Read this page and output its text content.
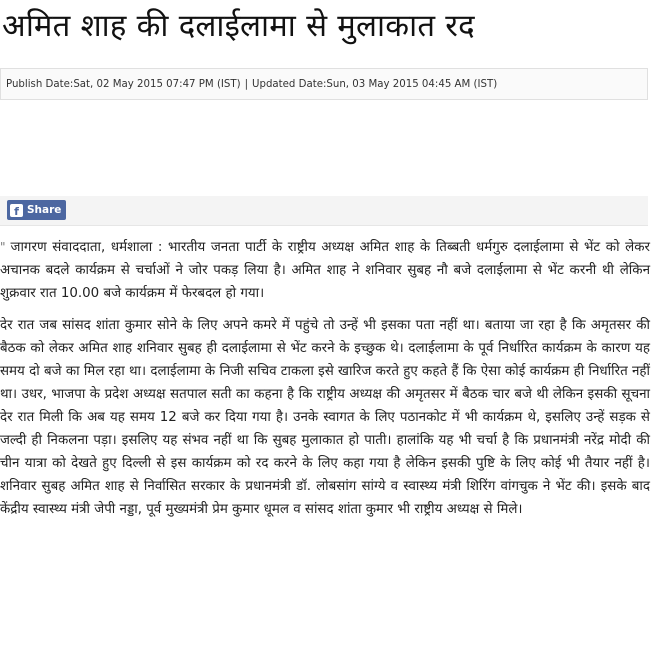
अमित शाह की दलाईलामा से मुलाकात रद
Publish Date:Sat, 02 May 2015 07:47 PM (IST) | Updated Date:Sun, 03 May 2015 04:45 AM (IST)
f Share

" जागरण संवाददाता, धर्मशाला : भारतीय जनता पार्टी के राष्ट्रीय अध्यक्ष अमित शाह के तिब्बती धर्मगुरु दलाईलामा से भेंट को लेकर अचानक बदले कार्यक्रम से चर्चाओं ने जोर पकड़ लिया है। अमित शाह ने शनिवार सुबह नौ बजे दलाईलामा से भेंट करनी थी लेकिन शुक्रवार रात 10.00 बजे कार्यक्रम में फेरबदल हो गया।

देर रात जब सांसद शांता कुमार सोने के लिए अपने कमरे में पहुंचे तो उन्हें भी इसका पता नहीं था। बताया जा रहा है कि अमृतसर की बैठक को लेकर अमित शाह शनिवार सुबह ही दलाईलामा से भेंट करने के इच्छुक थे। दलाईलामा के पूर्व निर्धारित कार्यक्रम के कारण यह समय दो बजे का मिल रहा था। दलाईलामा के निजी सचिव टाकला इसे खारिज करते हुए कहते हैं कि ऐसा कोई कार्यक्रम ही निर्धारित नहीं था। उधर, भाजपा के प्रदेश अध्यक्ष सतपाल सती का कहना है कि राष्ट्रीय अध्यक्ष की अमृतसर में बैठक चार बजे थी लेकिन इसकी सूचना देर रात मिली कि अब यह समय 12 बजे कर दिया गया है। उनके स्वागत के लिए पठानकोट में भी कार्यक्रम थे, इसलिए उन्हें सड़क से जल्दी ही निकलना पड़ा। इसलिए यह संभव नहीं था कि सुबह मुलाकात हो पाती। हालांकि यह भी चर्चा है कि प्रधानमंत्री नरेंद्र मोदी की चीन यात्रा को देखते हुए दिल्ली से इस कार्यक्रम को रद करने के लिए कहा गया है लेकिन इसकी पुष्टि के लिए कोई भी तैयार नहीं है। शनिवार सुबह अमित शाह से निर्वासित सरकार के प्रधानमंत्री डॉ. लोबसांग सांग्ये व स्वास्थ्य मंत्री शिरिंग वांगचुक ने भेंट की। इसके बाद केंद्रीय स्वास्थ्य मंत्री जेपी नड्डा, पूर्व मुख्यमंत्री प्रेम कुमार धूमल व सांसद शांता कुमार भी राष्ट्रीय अध्यक्ष से मिले।
